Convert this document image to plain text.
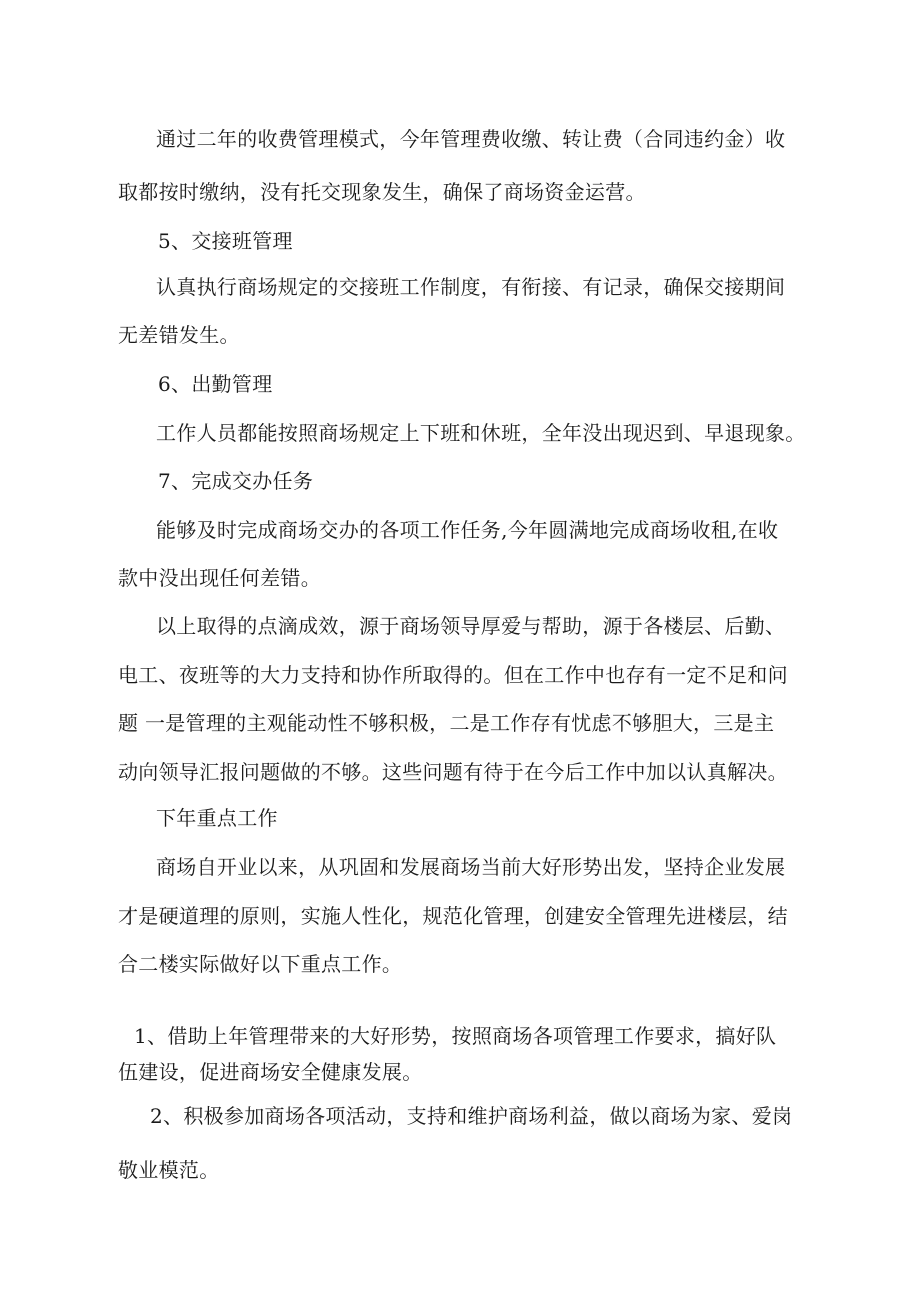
通过二年的收费管理模式，今年管理费收缴、转让费（合同违约金）收
取都按时缴纳，没有托交现象发生，确保了商场资金运营。
5、交接班管理
认真执行商场规定的交接班工作制度，有衔接、有记录，确保交接期间
无差错发生。
6、出勤管理
工作人员都能按照商场规定上下班和休班，全年没出现迟到、早退现象。
7、完成交办任务
能够及时完成商场交办的各项工作任务,今年圆满地完成商场收租,在收
款中没出现任何差错。
以上取得的点滴成效，源于商场领导厚爱与帮助，源于各楼层、后勤、
电工、夜班等的大力支持和协作所取得的。但在工作中也存有一定不足和问
题 一是管理的主观能动性不够积极，二是工作存有忧虑不够胆大，三是主
动向领导汇报问题做的不够。这些问题有待于在今后工作中加以认真解决。
下年重点工作
商场自开业以来，从巩固和发展商场当前大好形势出发，坚持企业发展
才是硬道理的原则，实施人性化，规范化管理，创建安全管理先进楼层，结
合二楼实际做好以下重点工作。
1、借助上年管理带来的大好形势，按照商场各项管理工作要求，搞好队
伍建设，促进商场安全健康发展。
2、积极参加商场各项活动，支持和维护商场利益，做以商场为家、爱岗
敬业模范。
